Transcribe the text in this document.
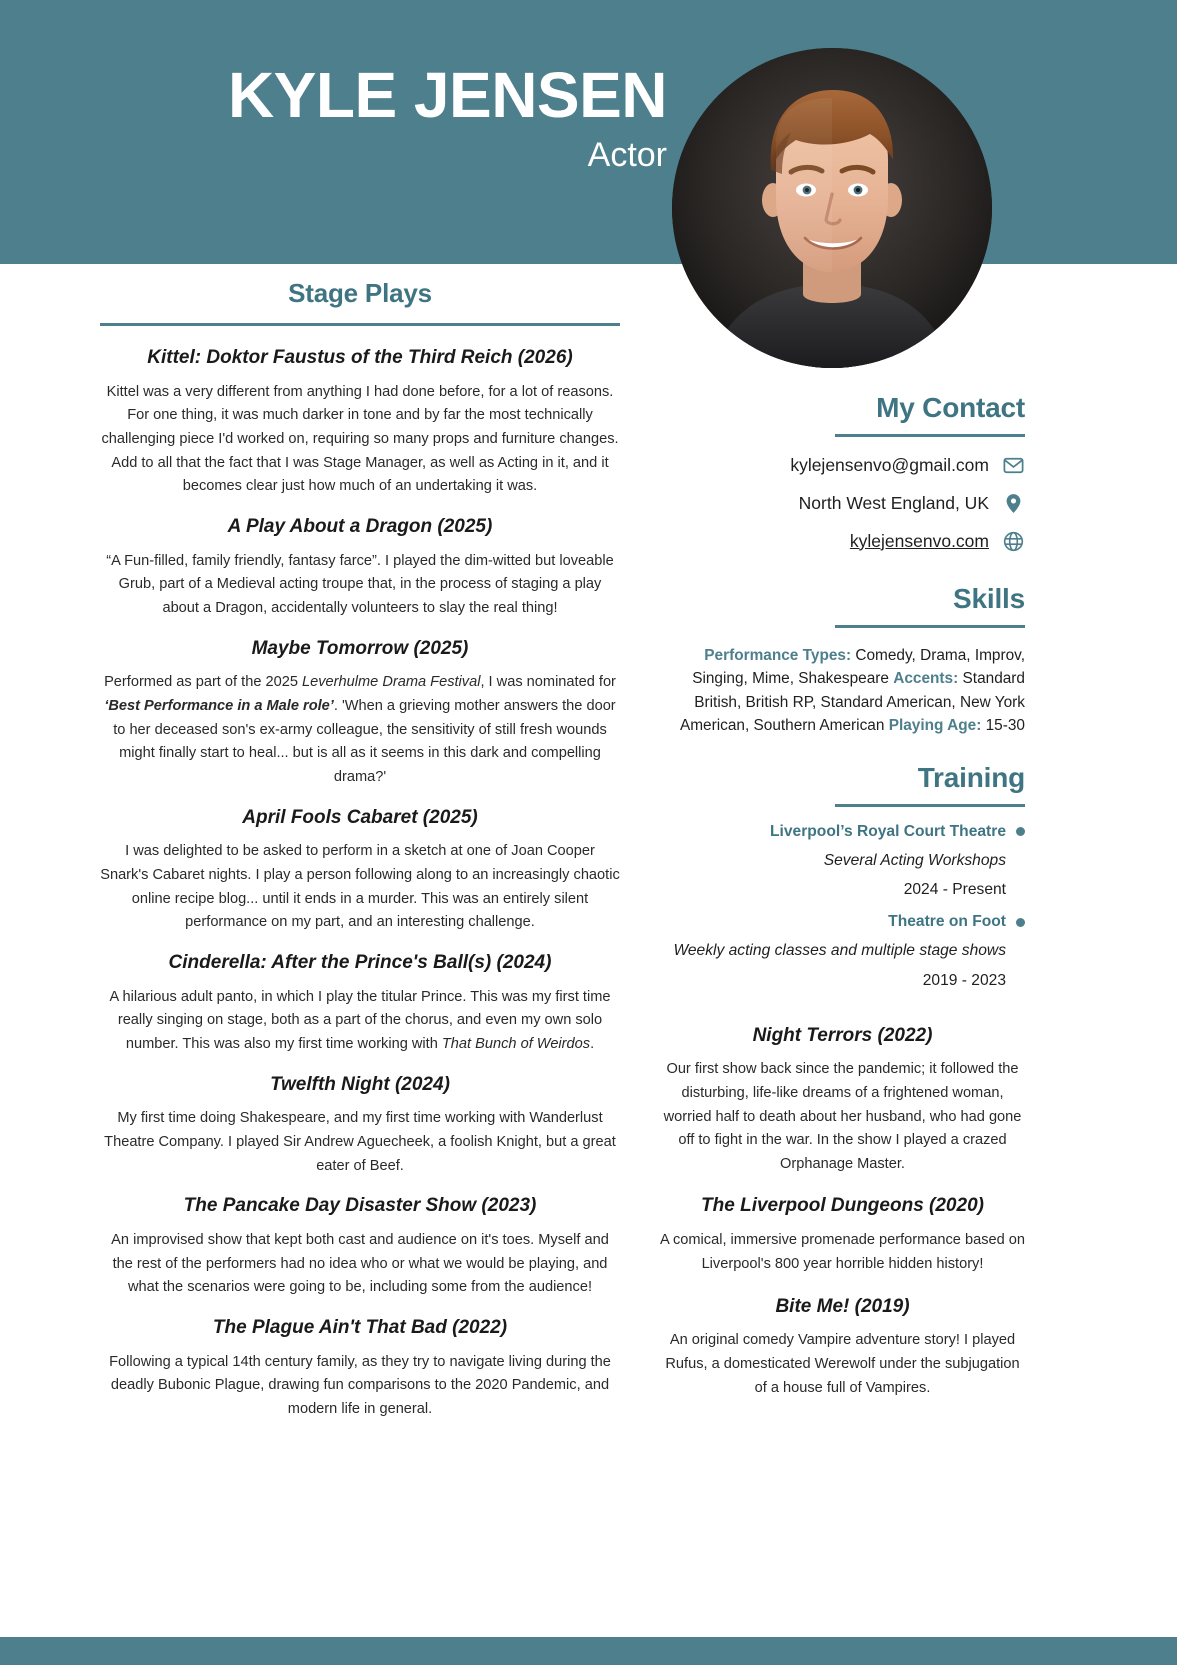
KYLE JENSEN
Actor
Stage Plays
Kittel: Doktor Faustus of the Third Reich (2026)
Kittel was a very different from anything I had done before, for a lot of reasons. For one thing, it was much darker in tone and by far the most technically challenging piece I'd worked on, requiring so many props and furniture changes. Add to all that the fact that I was Stage Manager, as well as Acting in it, and it becomes clear just how much of an undertaking it was.
A Play About a Dragon (2025)
“A Fun-filled, family friendly, fantasy farce”. I played the dim-witted but loveable Grub, part of a Medieval acting troupe that, in the process of staging a play about a Dragon, accidentally volunteers to slay the real thing!
Maybe Tomorrow (2025)
Performed as part of the 2025 Leverhulme Drama Festival, I was nominated for ‘Best Performance in a Male role’. 'When a grieving mother answers the door to her deceased son's ex-army colleague, the sensitivity of still fresh wounds might finally start to heal... but is all as it seems in this dark and compelling drama?'
April Fools Cabaret (2025)
I was delighted to be asked to perform in a sketch at one of Joan Cooper Snark's Cabaret nights. I play a person following along to an increasingly chaotic online recipe blog... until it ends in a murder. This was an entirely silent performance on my part, and an interesting challenge.
Cinderella: After the Prince's Ball(s) (2024)
A hilarious adult panto, in which I play the titular Prince. This was my first time really singing on stage, both as a part of the chorus, and even my own solo number. This was also my first time working with That Bunch of Weirdos.
Twelfth Night (2024)
My first time doing Shakespeare, and my first time working with Wanderlust Theatre Company. I played Sir Andrew Aguecheek, a foolish Knight, but a great eater of Beef.
The Pancake Day Disaster Show (2023)
An improvised show that kept both cast and audience on it's toes. Myself and the rest of the performers had no idea who or what we would be playing, and what the scenarios were going to be, including some from the audience!
The Plague Ain't That Bad (2022)
Following a typical 14th century family, as they try to navigate living during the deadly Bubonic Plague, drawing fun comparisons to the 2020 Pandemic, and modern life in general.
My Contact
kylejensenvo@gmail.com
North West England, UK
kylejensenvo.com
Skills
Performance Types: Comedy, Drama, Improv, Singing, Mime, Shakespeare Accents: Standard British, British RP, Standard American, New York American, Southern American Playing Age: 15-30
Training
Liverpool’s Royal Court Theatre
Several Acting Workshops
2024 - Present
Theatre on Foot
Weekly acting classes and multiple stage shows
2019 - 2023
Night Terrors (2022)
Our first show back since the pandemic; it followed the disturbing, life-like dreams of a frightened woman, worried half to death about her husband, who had gone off to fight in the war. In the show I played a crazed Orphanage Master.
The Liverpool Dungeons (2020)
A comical, immersive promenade performance based on Liverpool's 800 year horrible hidden history!
Bite Me! (2019)
An original comedy Vampire adventure story! I played Rufus, a domesticated Werewolf under the subjugation of a house full of Vampires.
